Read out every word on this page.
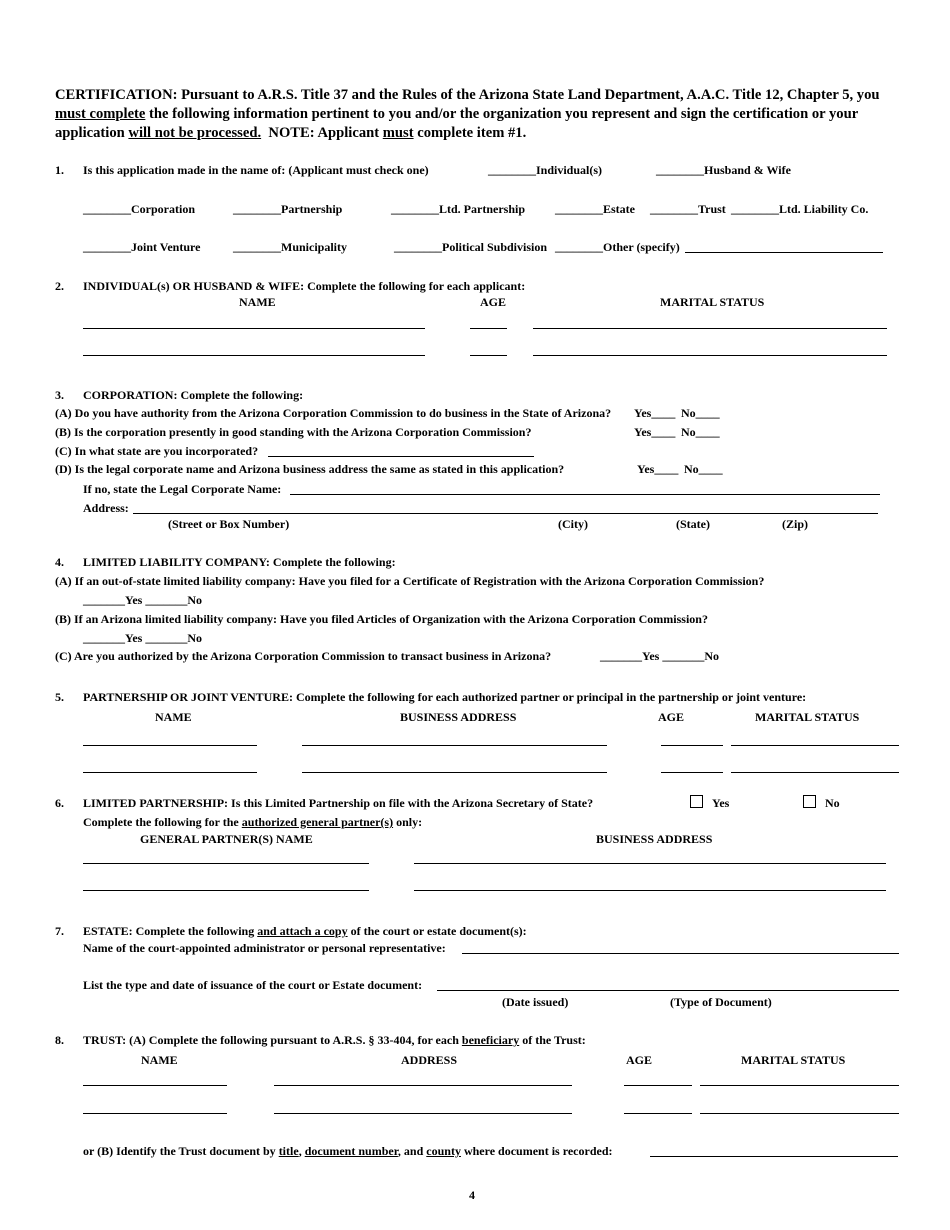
CERTIFICATION: Pursuant to A.R.S. Title 37 and the Rules of the Arizona State Land Department, A.A.C. Title 12, Chapter 5, you must complete the following information pertinent to you and/or the organization you represent and sign the certification or your application will not be processed. NOTE: Applicant must complete item #1.
1. Is this application made in the name of: (Applicant must check one)	________Individual(s)	________Husband & Wife
________Corporation	________Partnership	________Ltd. Partnership ________Estate ________Trust ________Ltd. Liability Co.
________Joint Venture	________Municipality	________Political Subdivision ________Other (specify)
2. INDIVIDUAL(s) OR HUSBAND & WIFE: Complete the following for each applicant:
NAME	AGE	MARITAL STATUS
3. CORPORATION: Complete the following:
(A) Do you have authority from the Arizona Corporation Commission to do business in the State of Arizona? Yes____ No____
(B) Is the corporation presently in good standing with the Arizona Corporation Commission?	Yes____ No____
(C) In what state are you incorporated?
(D) Is the legal corporate name and Arizona business address the same as stated in this application?	Yes____ No____
If no, state the Legal Corporate Name:
Address:
(Street or Box Number)	(City)	(State)	(Zip)
4. LIMITED LIABILITY COMPANY: Complete the following:
(A) If an out-of-state limited liability company: Have you filed for a Certificate of Registration with the Arizona Corporation Commission?
_______Yes _______No
(B) If an Arizona limited liability company: Have you filed Articles of Organization with the Arizona Corporation Commission?
_______Yes _______No
(C) Are you authorized by the Arizona Corporation Commission to transact business in Arizona?	_______Yes _______No
5. PARTNERSHIP OR JOINT VENTURE: Complete the following for each authorized partner or principal in the partnership or joint venture:
NAME	BUSINESS ADDRESS	AGE	MARITAL STATUS
6. LIMITED PARTNERSHIP: Is this Limited Partnership on file with the Arizona Secretary of State?	Yes	No
Complete the following for the authorized general partner(s) only:
GENERAL PARTNER(S) NAME	BUSINESS ADDRESS
7. ESTATE: Complete the following and attach a copy of the court or estate document(s):
Name of the court-appointed administrator or personal representative:
List the type and date of issuance of the court or Estate document:
(Date issued)	(Type of Document)
8. TRUST: (A) Complete the following pursuant to A.R.S. § 33-404, for each beneficiary of the Trust:
NAME	ADDRESS	AGE	MARITAL STATUS
or (B) Identify the Trust document by title, document number, and county where document is recorded:
4
